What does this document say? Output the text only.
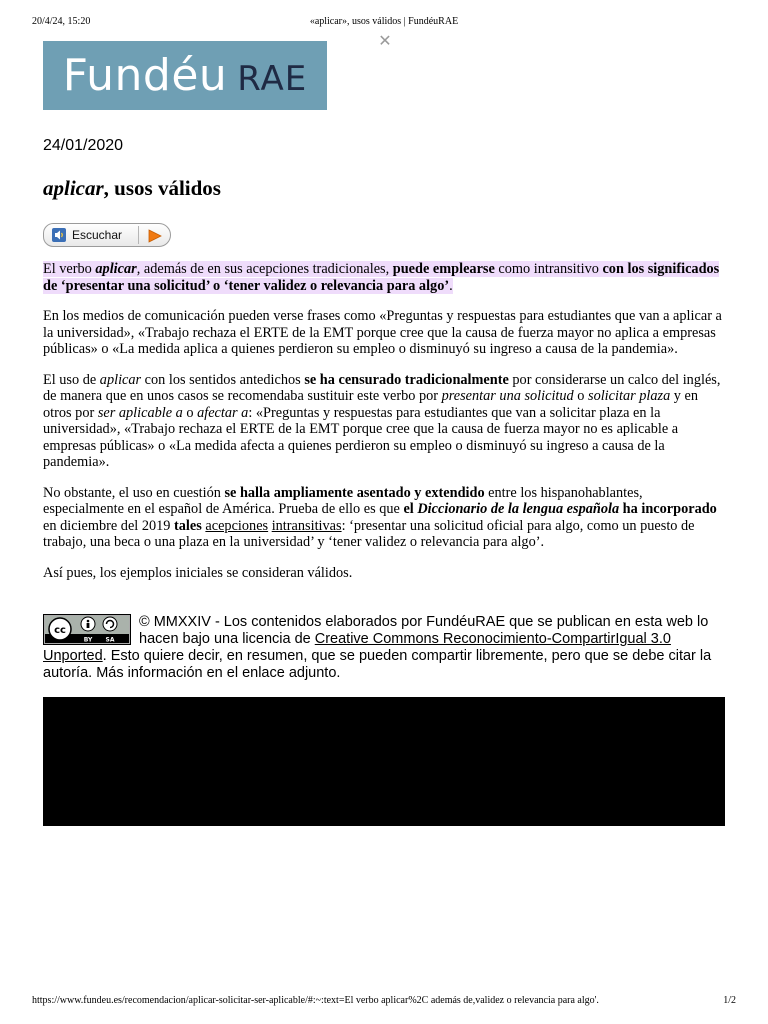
20/4/24, 15:20	«aplicar», usos válidos | FundéuRAE
✕
Fundéu RAE
24/01/2020
aplicar, usos válidos
Escuchar

El verbo aplicar, además de en sus acepciones tradicionales, puede emplearse como intransitivo con los significados de ‘presentar una solicitud’ o ‘tener validez o relevancia para algo’.

En los medios de comunicación pueden verse frases como «Preguntas y respuestas para estudiantes que van a aplicar a la universidad», «Trabajo rechaza el ERTE de la EMT porque cree que la causa de fuerza mayor no aplica a empresas públicas» o «La medida aplica a quienes perdieron su empleo o disminuyó su ingreso a causa de la pandemia».

El uso de aplicar con los sentidos antedichos se ha censurado tradicionalmente por considerarse un calco del inglés, de manera que en unos casos se recomendaba sustituir este verbo por presentar una solicitud o solicitar plaza y en otros por ser aplicable a o afectar a: «Preguntas y respuestas para estudiantes que van a solicitar plaza en la universidad», «Trabajo rechaza el ERTE de la EMT porque cree que la causa de fuerza mayor no es aplicable a empresas públicas» o «La medida afecta a quienes perdieron su empleo o disminuyó su ingreso a causa de la pandemia».

No obstante, el uso en cuestión se halla ampliamente asentado y extendido entre los hispanohablantes, especialmente en el español de América. Prueba de ello es que el Diccionario de la lengua española ha incorporado en diciembre del 2019 tales acepciones intransitivas: ‘presentar una solicitud oficial para algo, como un puesto de trabajo, una beca o una plaza en la universidad’ y ‘tener validez o relevancia para algo’.

Así pues, los ejemplos iniciales se consideran válidos.

cc
BY SA
© MMXXIV - Los contenidos elaborados por FundéuRAE que se publican en esta web lo hacen bajo una licencia de Creative Commons Reconocimiento-CompartirIgual 3.0 Unported. Esto quiere decir, en resumen, que se pueden compartir libremente, pero que se debe citar la autoría. Más información en el enlace adjunto.
https://www.fundeu.es/recomendacion/aplicar-solicitar-ser-aplicable/#:~:text=El verbo aplicar%2C además de,validez o relevancia para algo'.	1/2
